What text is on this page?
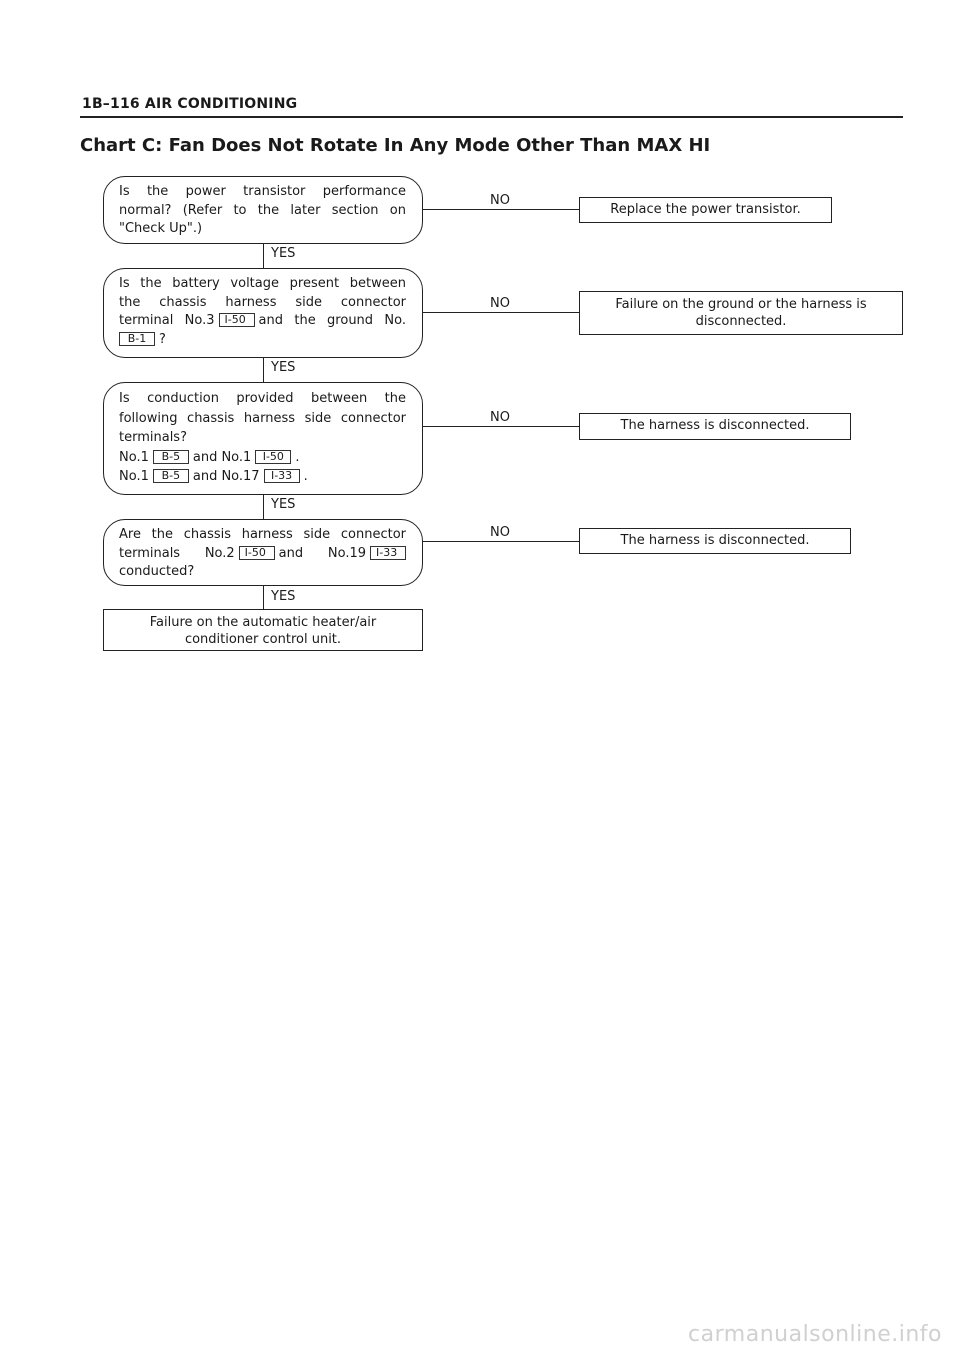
1B–116 AIR CONDITIONING
Chart C: Fan Does Not Rotate In Any Mode Other Than MAX HI
NO
NO
NO
NO
YES
YES
YES
YES

Is the power transistor performance

normal? (Refer to the later section on

"Check Up".)

Is the battery voltage present between

the chassis harness side connector

terminal No.3 I-50 and the ground No.

B-1 ?

Is conduction provided between the

following chassis harness side connector

terminals?

No.1 B-5 and No.1 I-50 .

No.1 B-5 and No.17 I-33 .

Are the chassis harness side connector

terminals No.2 I-50 and No.19 I-33

conducted?

Replace the power transistor.
Failure on the ground or the harness is disconnected.
The harness is disconnected.
The harness is disconnected.
Failure on the automatic heater/air conditioner control unit.
carmanualsonline.info
